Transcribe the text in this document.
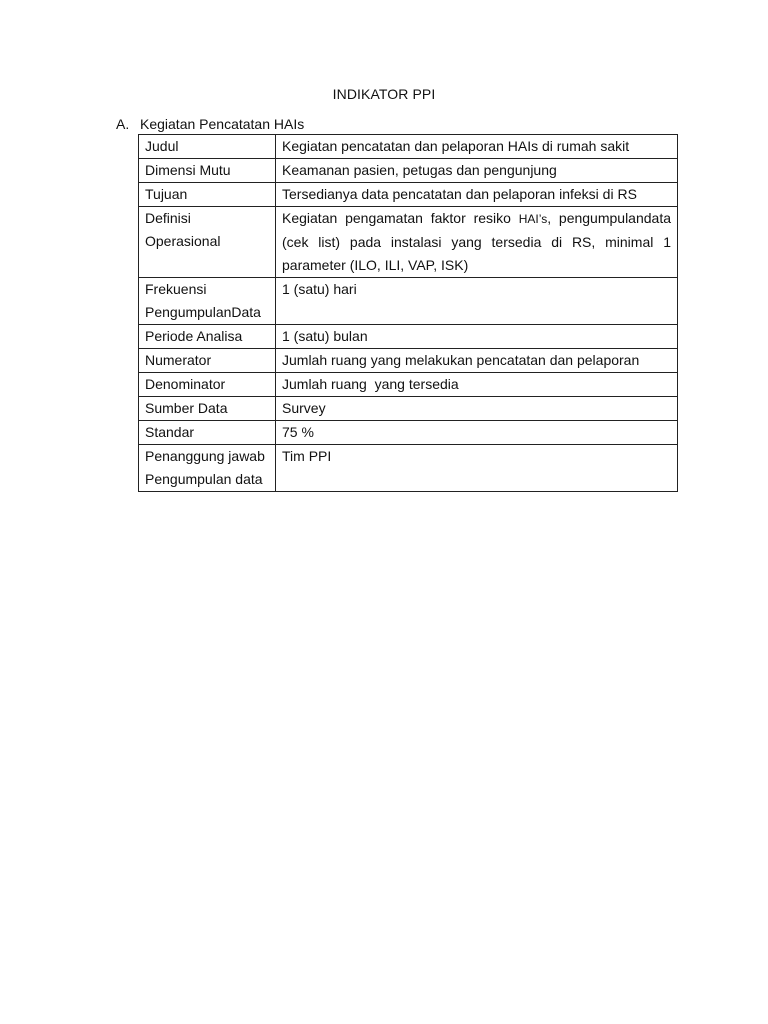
INDIKATOR PPI
A. Kegiatan Pencatatan HAIs
Judul	Kegiatan pencatatan dan pelaporan HAIs di rumah sakit

Dimensi Mutu	Keamanan pasien, petugas dan pengunjung

Tujuan	Tersedianya data pencatatan dan pelaporan infeksi di RS

Definisi
Operasional	Kegiatan pengamatan faktor resiko HAI’s, pengumpulandata (cek list) pada instalasi yang tersedia di RS, minimal 1 parameter (ILO, ILI, VAP, ISK)

Frekuensi
PengumpulanData	1 (satu) hari

Periode Analisa	1 (satu) bulan

Numerator	Jumlah ruang yang melakukan pencatatan dan pelaporan

Denominator	Jumlah ruang  yang tersedia

Sumber Data	Survey

Standar	75 %

Penanggung jawab
Pengumpulan data	Tim PPI
